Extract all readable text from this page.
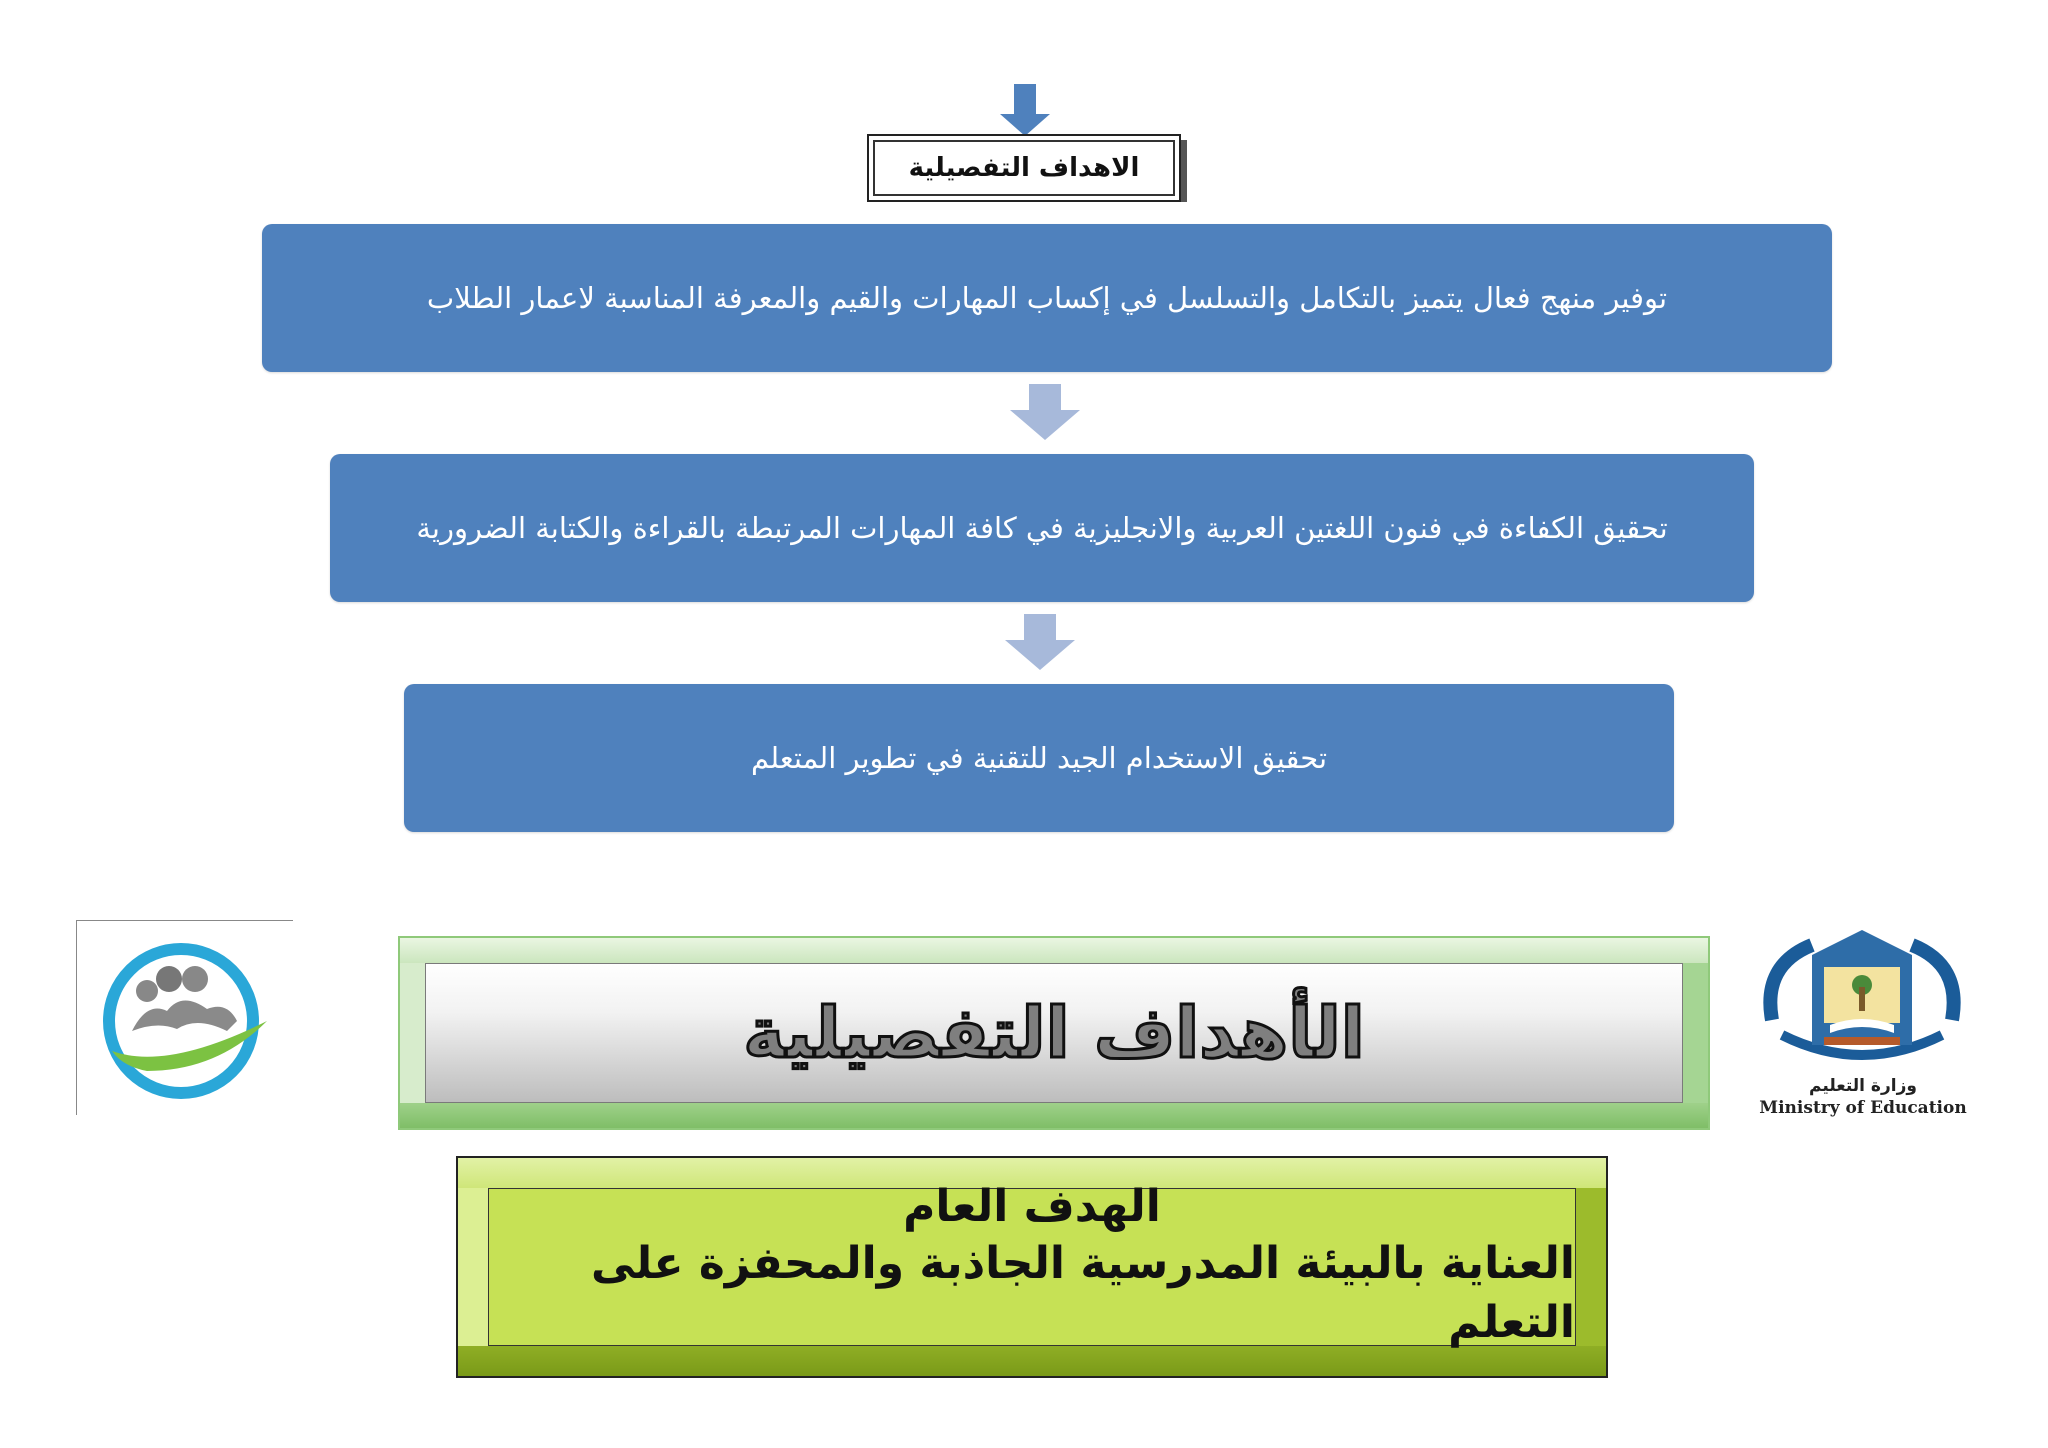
الاهداف التفصيلية
توفير منهج فعال يتميز بالتكامل والتسلسل في إكساب المهارات والقيم والمعرفة المناسبة لاعمار الطلاب
تحقيق الكفاءة في فنون اللغتين العربية والانجليزية في كافة المهارات المرتبطة بالقراءة والكتابة الضرورية
تحقيق الاستخدام الجيد للتقنية في تطوير المتعلم
الأهداف التفصيلية
وزارة التعليم
Ministry of Education
الهدف العام
العناية بالبيئة المدرسية الجاذبة والمحفزة على التعلم
